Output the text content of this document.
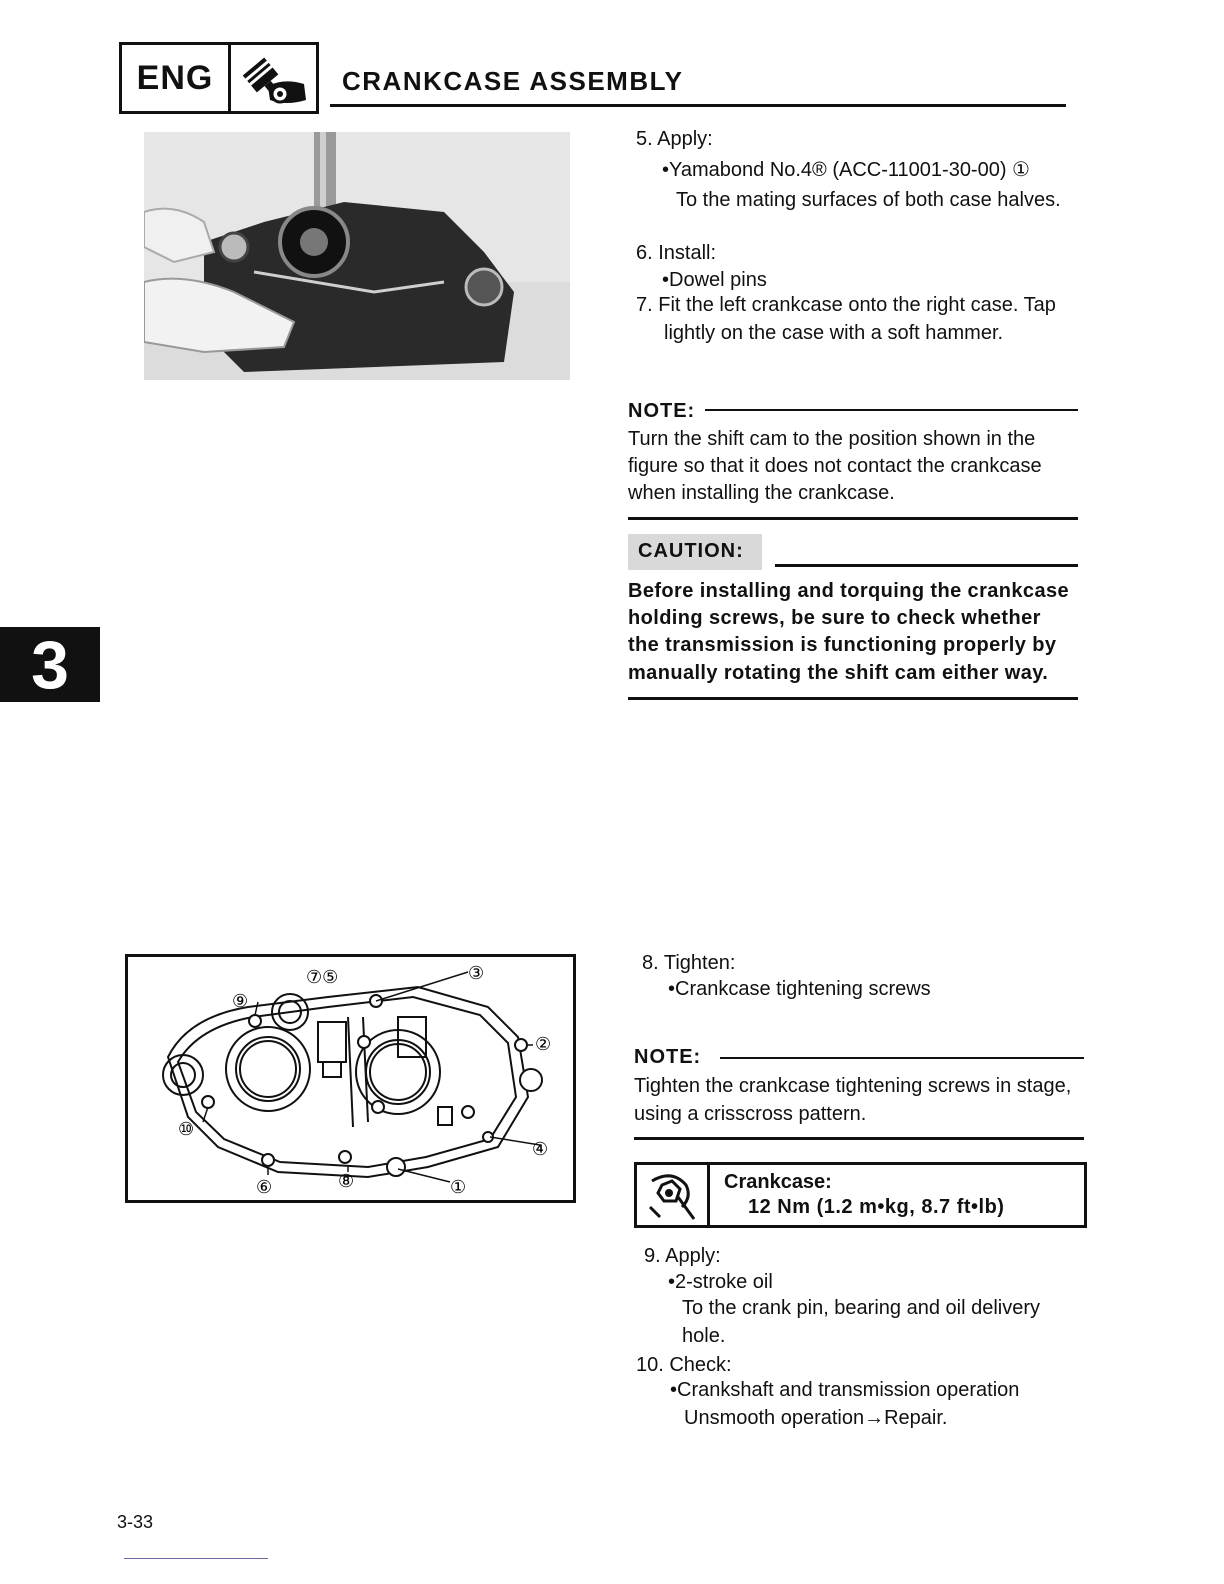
ENG	CRANKCASE ASSEMBLY
3
5. Apply:
•Yamabond No.4® (ACC-11001-30-00) ①
To the mating surfaces of both case halves.
6. Install:
•Dowel pins
7. Fit the left crankcase onto the right case. Tap
lightly on the case with a soft hammer.
NOTE:
Turn the shift cam to the position shown in the
figure so that it does not contact the crankcase
when installing the crankcase.
CAUTION:
Before installing and torquing the crankcase
holding screws, be sure to check whether
the transmission is functioning properly by
manually rotating the shift cam either way.
⑦⑤	③
⑨
②
⑩
④
⑥	⑧	①
8. Tighten:
•Crankcase tightening screws
NOTE:
Tighten the crankcase tightening screws in stage,
using a crisscross pattern.
Crankcase:
12 Nm (1.2 m•kg, 8.7 ft•lb)
9. Apply:
•2-stroke oil
To the crank pin, bearing and oil delivery
hole.
10. Check:
•Crankshaft and transmission operation
Unsmooth operation→Repair.
3-33
